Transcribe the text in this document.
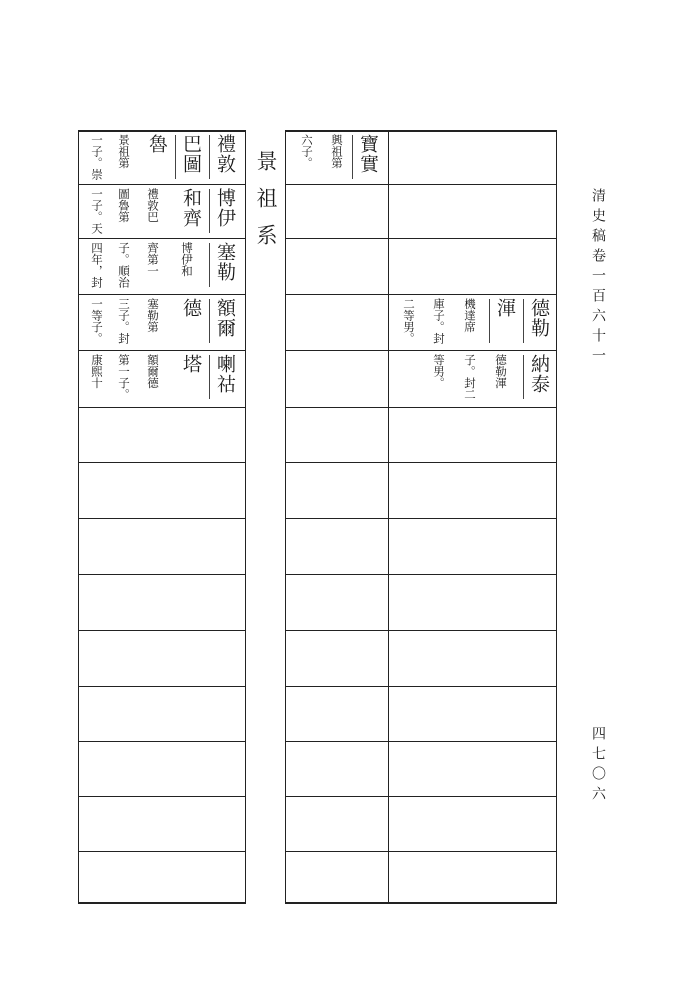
清史稿卷一百六十一
四七〇六
景祖系
禮敦
巴圖
魯
景祖第
一子。崇
博伊
和齊
禮敦巴
圖魯第
一子。天
塞勒
博伊和
齊第一
子。順治
四年，封
額爾
德
塞勒第
三子。封
一等子。
喇祜
塔
額爾德
第一子。
康熙十
寶實
興祖第
六子。
德勒
渾
機達席
庫子。封
二等男。
納泰
德勒渾
子。封二
等男。
